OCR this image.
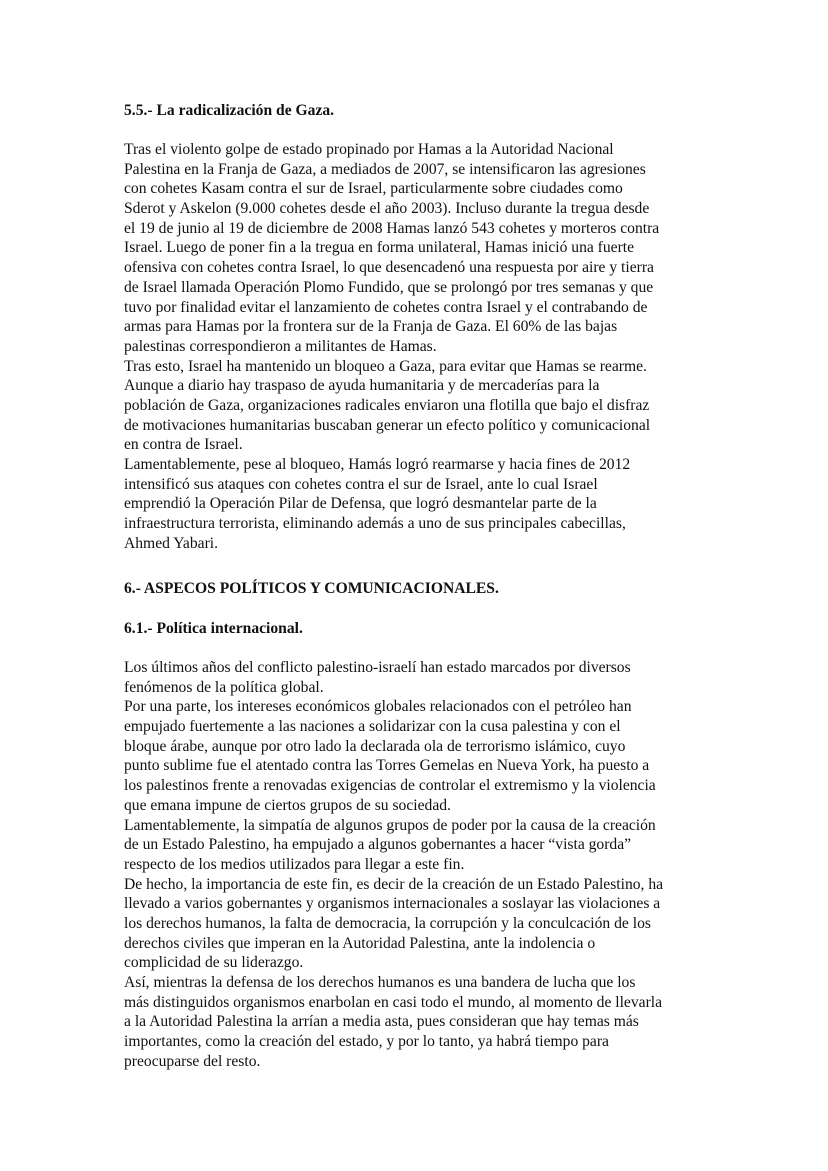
5.5.- La radicalización de Gaza.
Tras el violento golpe de estado propinado por Hamas a la Autoridad Nacional
Palestina en la Franja de Gaza, a mediados de 2007, se intensificaron las agresiones
con cohetes Kasam contra el sur de Israel, particularmente sobre ciudades como
Sderot y Askelon (9.000 cohetes desde el año 2003). Incluso durante la tregua desde
el 19 de junio al 19 de diciembre de 2008 Hamas lanzó 543 cohetes y morteros contra
Israel. Luego de poner fin a la tregua en forma unilateral, Hamas inició una fuerte
ofensiva con cohetes contra Israel, lo que desencadenó una respuesta por aire y tierra
de Israel llamada Operación Plomo Fundido, que se prolongó por tres semanas y que
tuvo por finalidad evitar el lanzamiento de cohetes contra Israel y el contrabando de
armas para Hamas por la frontera sur de la Franja de Gaza. El 60% de las bajas
palestinas correspondieron a militantes de Hamas.
Tras esto, Israel ha mantenido un bloqueo a Gaza, para evitar que Hamas se rearme.
Aunque a diario hay traspaso de ayuda humanitaria y de mercaderías para la
población de Gaza, organizaciones radicales enviaron una flotilla que bajo el disfraz
de motivaciones humanitarias buscaban generar un efecto político y comunicacional
en contra de Israel.
Lamentablemente, pese al bloqueo, Hamás logró rearmarse y hacia fines de 2012
intensificó sus ataques con cohetes contra el sur de Israel, ante lo cual Israel
emprendió la Operación Pilar de Defensa, que logró desmantelar parte de la
infraestructura terrorista, eliminando además a uno de sus principales cabecillas,
Ahmed Yabari.
6.- ASPECOS POLÍTICOS Y COMUNICACIONALES.
6.1.- Política internacional.
Los últimos años del conflicto palestino-israelí han estado marcados por diversos
fenómenos de la política global.
Por una parte, los intereses económicos globales relacionados con el petróleo han
empujado fuertemente a las naciones a solidarizar con la cusa palestina y con el
bloque árabe, aunque por otro lado la declarada ola de terrorismo islámico, cuyo
punto sublime fue el atentado contra las Torres Gemelas en Nueva York, ha puesto a
los palestinos frente a renovadas exigencias de controlar el extremismo y la violencia
que emana impune de ciertos grupos de su sociedad.
Lamentablemente, la simpatía de algunos grupos de poder por la causa de la creación
de un Estado Palestino, ha empujado a algunos gobernantes a hacer “vista gorda”
respecto de los medios utilizados para llegar a este fin.
De hecho, la importancia de este fin, es decir de la creación de un Estado Palestino, ha
llevado a varios gobernantes y organismos internacionales a soslayar las violaciones a
los derechos humanos, la falta de democracia, la corrupción y la conculcación de los
derechos civiles que imperan en la Autoridad Palestina, ante la indolencia o
complicidad de su liderazgo.
Así, mientras la defensa de los derechos humanos es una bandera de lucha que los
más distinguidos organismos enarbolan en casi todo el mundo, al momento de llevarla
a la Autoridad Palestina la arrían a media asta, pues consideran que hay temas más
importantes, como la creación del estado, y por lo tanto, ya habrá tiempo para
preocuparse del resto.
